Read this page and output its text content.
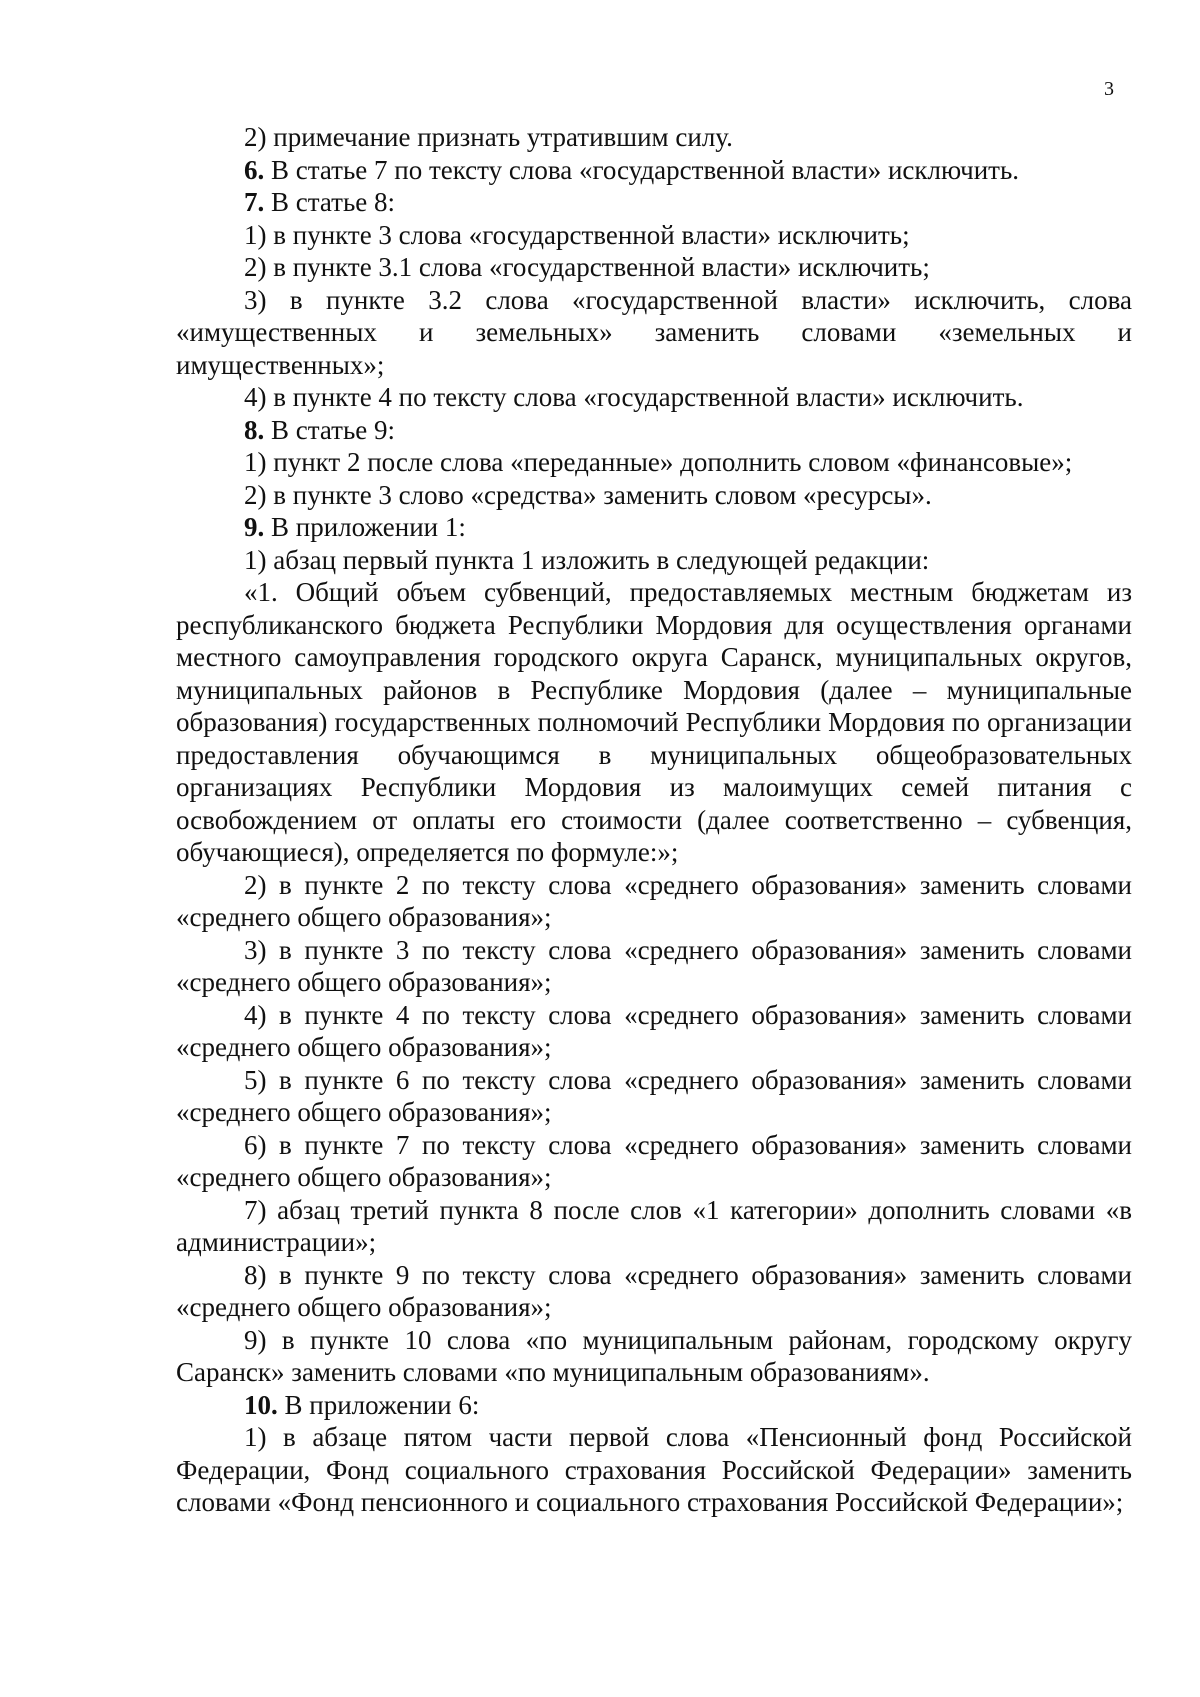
3

2) примечание признать утратившим силу.

6. В статье 7 по тексту слова «государственной власти» исключить.

7. В статье 8:

1) в пункте 3 слова «государственной власти» исключить;

2) в пункте 3.1 слова «государственной власти» исключить;

3) в пункте 3.2 слова «государственной власти» исключить, слова «имущественных и земельных» заменить словами «земельных и имущественных»;

4) в пункте 4 по тексту слова «государственной власти» исключить.

8. В статье 9:

1) пункт 2 после слова «переданные» дополнить словом «финансовые»;

2) в пункте 3 слово «средства» заменить словом «ресурсы».

9. В приложении 1:

1) абзац первый пункта 1 изложить в следующей редакции:

«1. Общий объем субвенций, предоставляемых местным бюджетам из республиканского бюджета Республики Мордовия для осуществления органами местного самоуправления городского округа Саранск, муниципальных округов, муниципальных районов в Республике Мордовия (далее – муниципальные образования) государственных полномочий Республики Мордовия по организации предоставления обучающимся в муниципальных общеобразовательных организациях Республики Мордовия из малоимущих семей питания с освобождением от оплаты его стоимости (далее соответственно – субвенция, обучающиеся), определяется по формуле:»;

2) в пункте 2 по тексту слова «среднего образования» заменить словами «среднего общего образования»;

3) в пункте 3 по тексту слова «среднего образования» заменить словами «среднего общего образования»;

4) в пункте 4 по тексту слова «среднего образования» заменить словами «среднего общего образования»;

5) в пункте 6 по тексту слова «среднего образования» заменить словами «среднего общего образования»;

6) в пункте 7 по тексту слова «среднего образования» заменить словами «среднего общего образования»;

7) абзац третий пункта 8 после слов «1 категории» дополнить словами «в администрации»;

8) в пункте 9 по тексту слова «среднего образования» заменить словами «среднего общего образования»;

9) в пункте 10 слова «по муниципальным районам, городскому округу Саранск» заменить словами «по муниципальным образованиям».

10. В приложении 6:

1) в абзаце пятом части первой слова «Пенсионный фонд Российской Федерации, Фонд социального страхования Российской Федерации» заменить словами «Фонд пенсионного и социального страхования Российской Федерации»;
